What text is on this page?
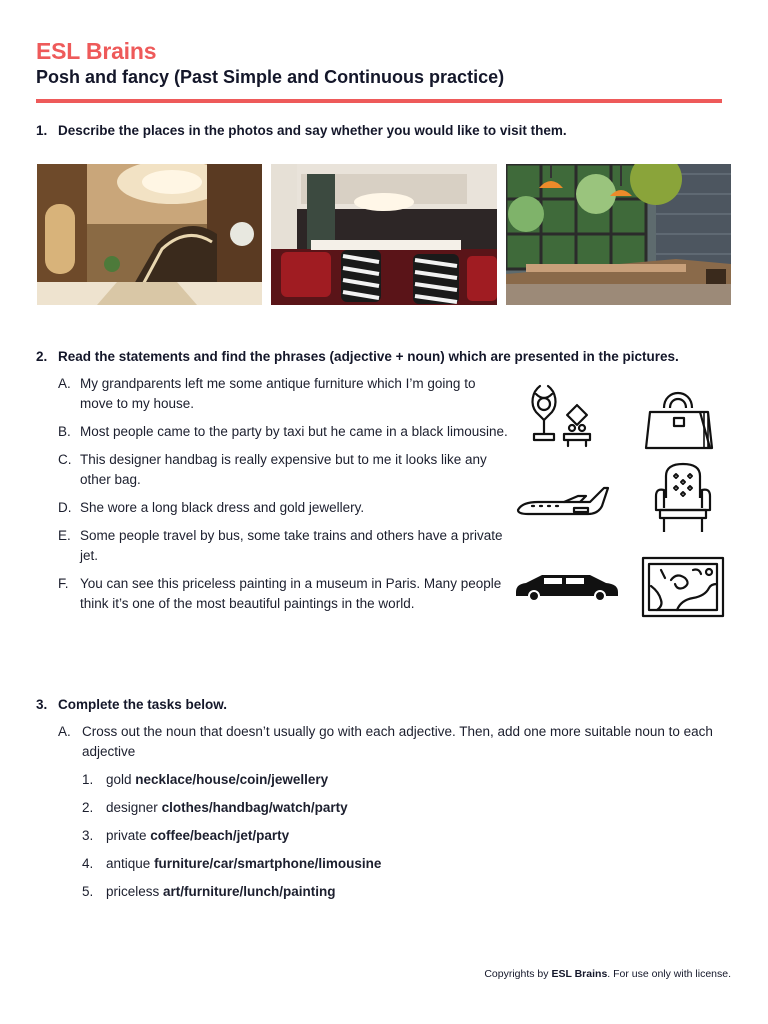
ESL Brains
Posh and fancy (Past Simple and Continuous practice)
1. Describe the places in the photos and say whether you would like to visit them.
2. Read the statements and find the phrases (adjective + noun) which are presented in the pictures.
A. My grandparents left me some antique furniture which I’m going to move to my house.
B. Most people came to the party by taxi but he came in a black limousine.
C. This designer handbag is really expensive but to me it looks like any other bag.
D. She wore a long black dress and gold jewellery.
E. Some people travel by bus, some take trains and others have a private jet.
F. You can see this priceless painting in a museum in Paris. Many people think it’s one of the most beautiful paintings in the world.
3. Complete the tasks below.
A. Cross out the noun that doesn’t usually go with each adjective. Then, add one more suitable noun to each adjective
1. gold necklace/house/coin/jewellery
2. designer clothes/handbag/watch/party
3. private coffee/beach/jet/party
4. antique furniture/car/smartphone/limousine
5. priceless art/furniture/lunch/painting
Copyrights by ESL Brains. For use only with license.
